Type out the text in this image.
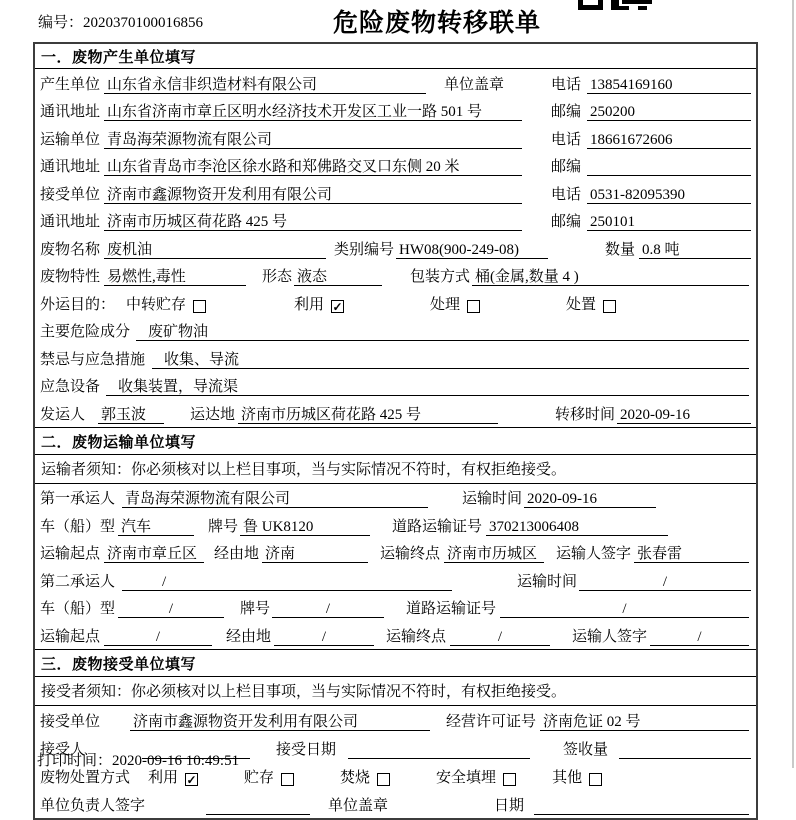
编号：2020370100016856	危险废物转移联单
一．废物产生单位填写
产生单位 山东省永信非织造材料有限公司	单位盖章	电话 13854169160
通讯地址 山东省济南市章丘区明水经济技术开发区工业一路 501 号	邮编 250200
运输单位 青岛海荣源物流有限公司	电话 18661672606
通讯地址 山东省青岛市李沧区徐水路和郑佛路交叉口东侧 20 米	邮编
接受单位 济南市鑫源物资开发利用有限公司	电话 0531-82095390
通讯地址 济南市历城区荷花路 425 号	邮编 250101
废物名称 废机油	类别编号 HW08(900-249-08)	数量 0.8 吨
废物特性 易燃性,毒性	形态 液态	包装方式 桶(金属,数量 4 )
外运目的： 中转贮存	利用 ✓	处理	处置
主要危险成分	废矿物油
禁忌与应急措施	收集、导流
应急设备	收集装置，导流渠
发运人	郭玉波	运达地 济南市历城区荷花路 425 号	转移时间 2020-09-16
二．废物运输单位填写
运输者须知：你必须核对以上栏目事项，当与实际情况不符时，有权拒绝接受。
第一承运人 青岛海荣源物流有限公司	运输时间 2020-09-16
车（船）型 汽车	牌号 鲁 UK8120	道路运输证号 370213006408
运输起点 济南市章丘区	经由地 济南	运输终点 济南市历城区	运输人签字 张春雷
第二承运人	/	运输时间	/
车（船）型	/	牌号	/	道路运输证号	/
运输起点	/	经由地	/	运输终点	/	运输人签字	/
三．废物接受单位填写
接受者须知：你必须核对以上栏目事项，当与实际情况不符时，有权拒绝接受。
接受单位 济南市鑫源物资开发利用有限公司	经营许可证号 济南危证 02 号
接受人	接受日期	签收量
废物处置方式	利用 ✓	贮存	焚烧	安全填埋	其他
单位负责人签字	单位盖章	日期
打印时间：2020-09-16 10:49:51
